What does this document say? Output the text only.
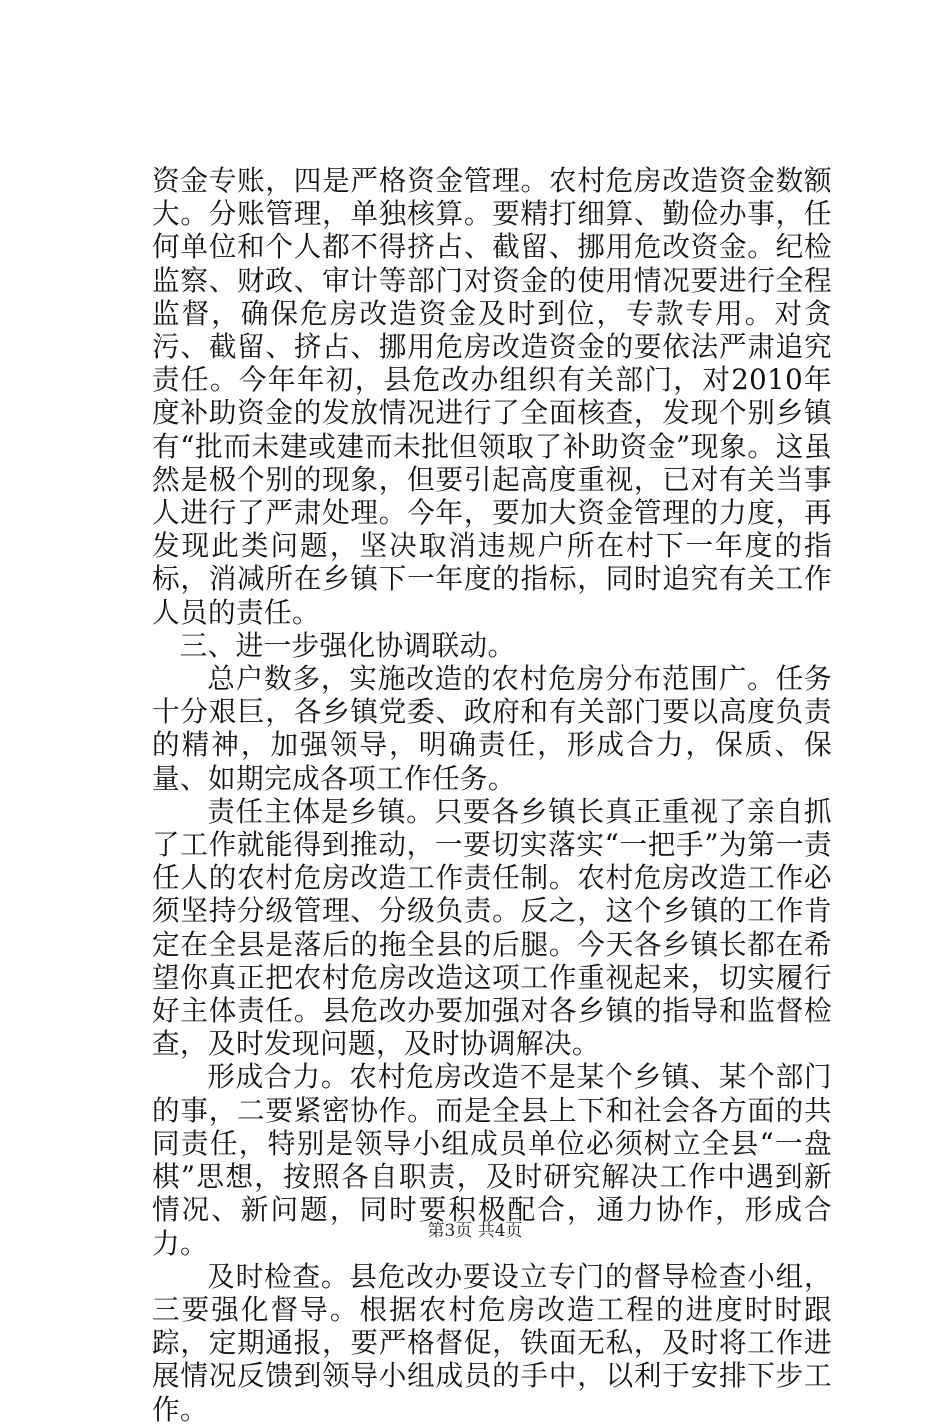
资金专账，四是严格资金管理。农村危房改造资金数额大。分账管理，单独核算。要精打细算、勤俭办事，任何单位和个人都不得挤占、截留、挪用危改资金。纪检监察、财政、审计等部门对资金的使用情况要进行全程监督，确保危房改造资金及时到位，专款专用。对贪污、截留、挤占、挪用危房改造资金的要依法严肃追究责任。今年年初，县危改办组织有关部门，对2010年度补助资金的发放情况进行了全面核查，发现个别乡镇有“批而未建或建而未批但领取了补助资金”现象。这虽然是极个别的现象，但要引起高度重视，已对有关当事人进行了严肃处理。今年，要加大资金管理的力度，再发现此类问题，坚决取消违规户所在村下一年度的指标，消减所在乡镇下一年度的指标，同时追究有关工作人员的责任。

三、进一步强化协调联动。

总户数多，实施改造的农村危房分布范围广。任务十分艰巨，各乡镇党委、政府和有关部门要以高度负责的精神，加强领导，明确责任，形成合力，保质、保量、如期完成各项工作任务。

责任主体是乡镇。只要各乡镇长真正重视了亲自抓了工作就能得到推动，一要切实落实“一把手”为第一责任人的农村危房改造工作责任制。农村危房改造工作必须坚持分级管理、分级负责。反之，这个乡镇的工作肯定在全县是落后的拖全县的后腿。今天各乡镇长都在希望你真正把农村危房改造这项工作重视起来，切实履行好主体责任。县危改办要加强对各乡镇的指导和监督检查，及时发现问题，及时协调解决。

形成合力。农村危房改造不是某个乡镇、某个部门的事，二要紧密协作。而是全县上下和社会各方面的共同责任，特别是领导小组成员单位必须树立全县“一盘棋”思想，按照各自职责，及时研究解决工作中遇到新情况、新问题，同时要积极配合，通力协作，形成合力。

及时检查。县危改办要设立专门的督导检查小组，三要强化督导。根据农村危房改造工程的进度时时跟踪，定期通报，要严格督促，铁面无私，及时将工作进展情况反馈到领导小组成员的手中，以利于安排下步工作。

第3页 共4页
